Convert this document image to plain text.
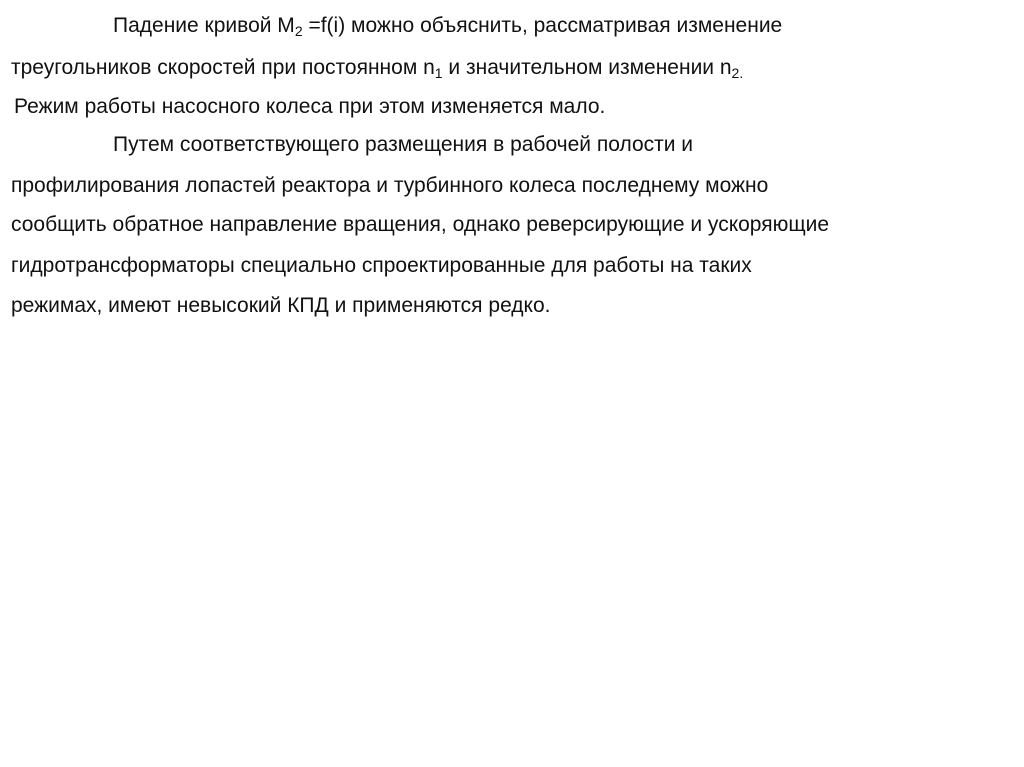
Падение кривой $М_2 =f(i)$ можно объяснить, рассматривая изменение
треугольников скоростей при постоянном $n_1$ и значительном изменении $n_{2.}$
Режим работы насосного колеса при этом изменяется мало.
Путем соответствующего размещения в рабочей полости и
профилирования лопастей реактора и турбинного колеса последнему можно
сообщить обратное направление вращения, однако реверсирующие и ускоряющие
гидротрансформаторы специально спроектированные для работы на таких
режимах, имеют невысокий КПД и применяются редко.
